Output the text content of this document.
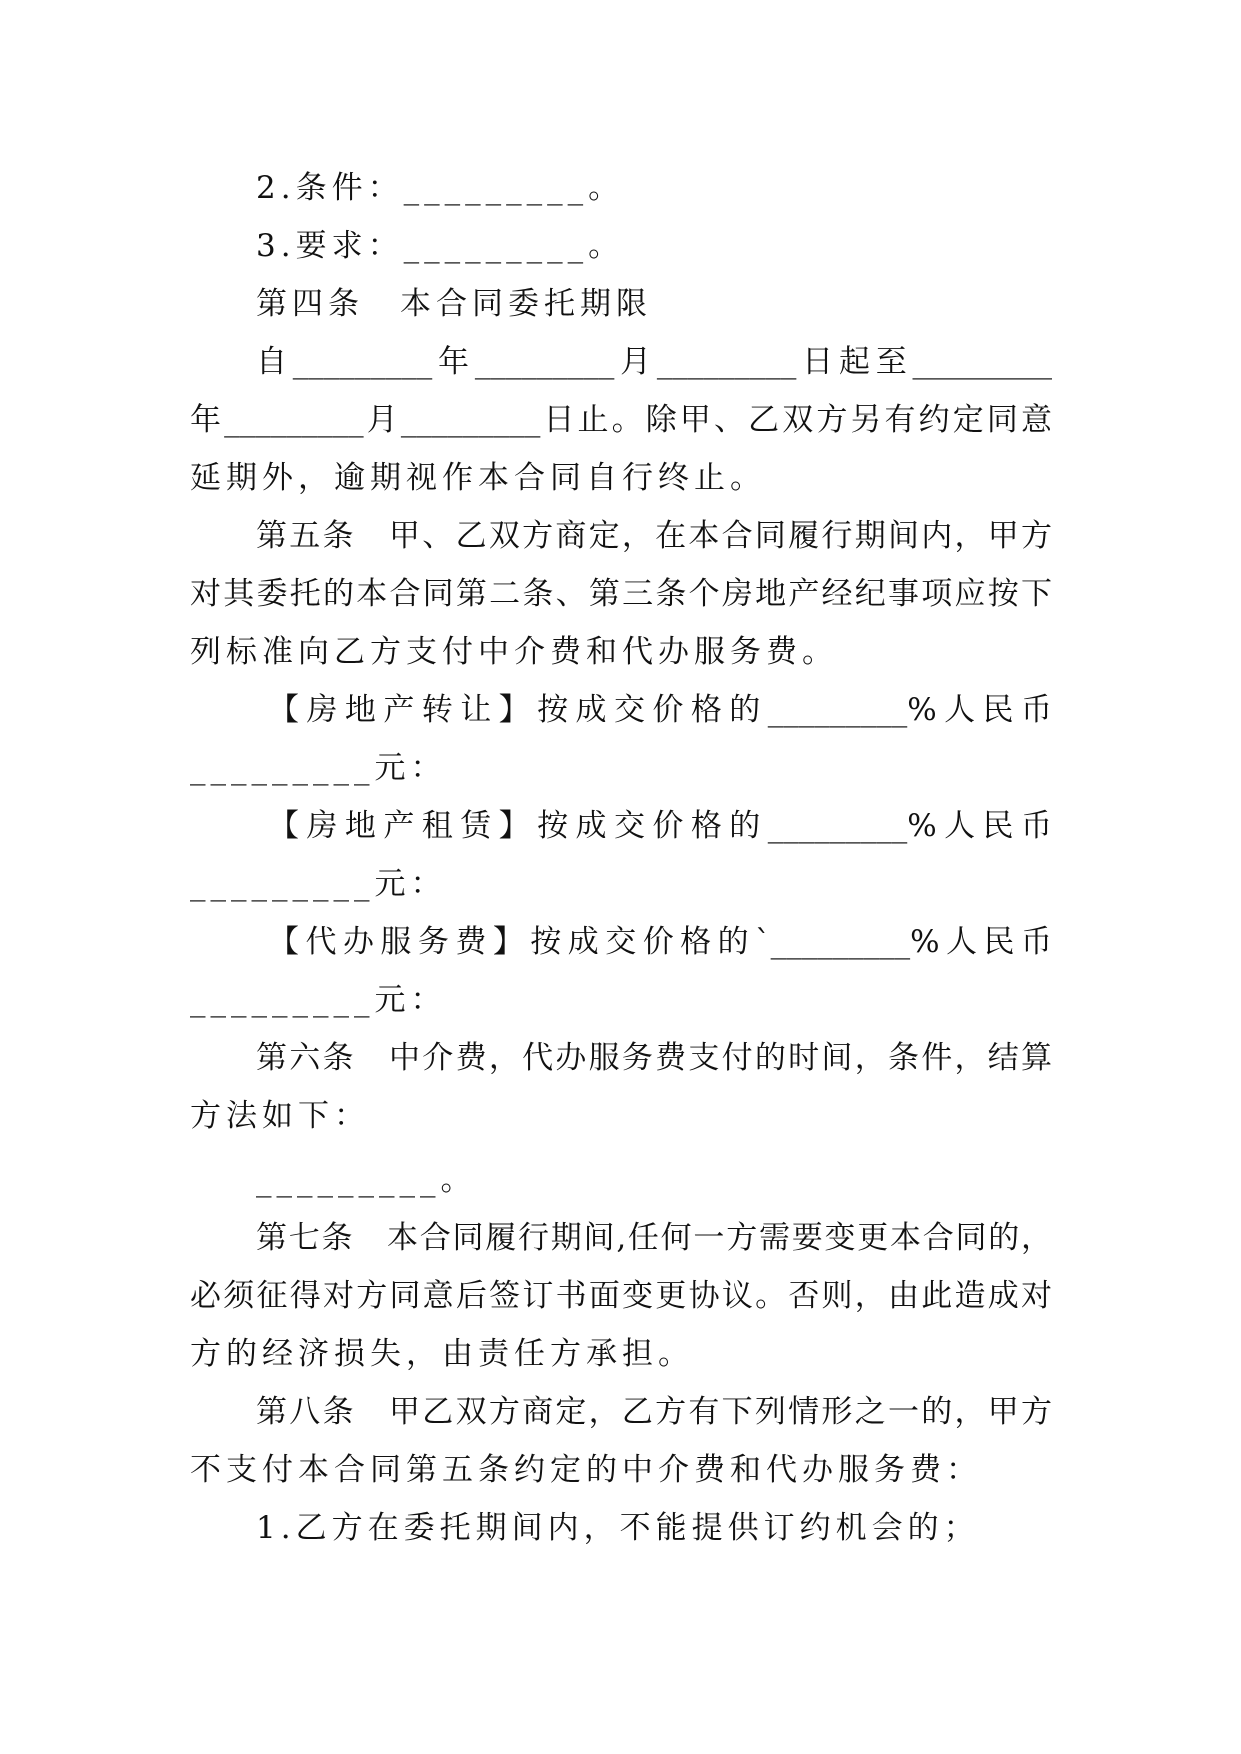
2.条件：_________。
3.要求：_________。
第四条　本合同委托期限
自_________年_________月_________日起至_________
年_________月_________日止。除甲、乙双方另有约定同意
延期外，逾期视作本合同自行终止。
第五条　甲、乙双方商定，在本合同履行期间内，甲方
对其委托的本合同第二条、第三条个房地产经纪事项应按下
列标准向乙方支付中介费和代办服务费。
【房地产转让】按成交价格的_________%人民币
_________元：
【房地产租赁】按成交价格的_________%人民币
_________元：
【代办服务费】按成交价格的`_________%人民币
_________元：
第六条　中介费，代办服务费支付的时间，条件，结算
方法如下：
_________。
第七条　本合同履行期间,任何一方需要变更本合同的，
必须征得对方同意后签订书面变更协议。否则，由此造成对
方的经济损失，由责任方承担。
第八条　甲乙双方商定，乙方有下列情形之一的，甲方
不支付本合同第五条约定的中介费和代办服务费：
1.乙方在委托期间内，不能提供订约机会的；
